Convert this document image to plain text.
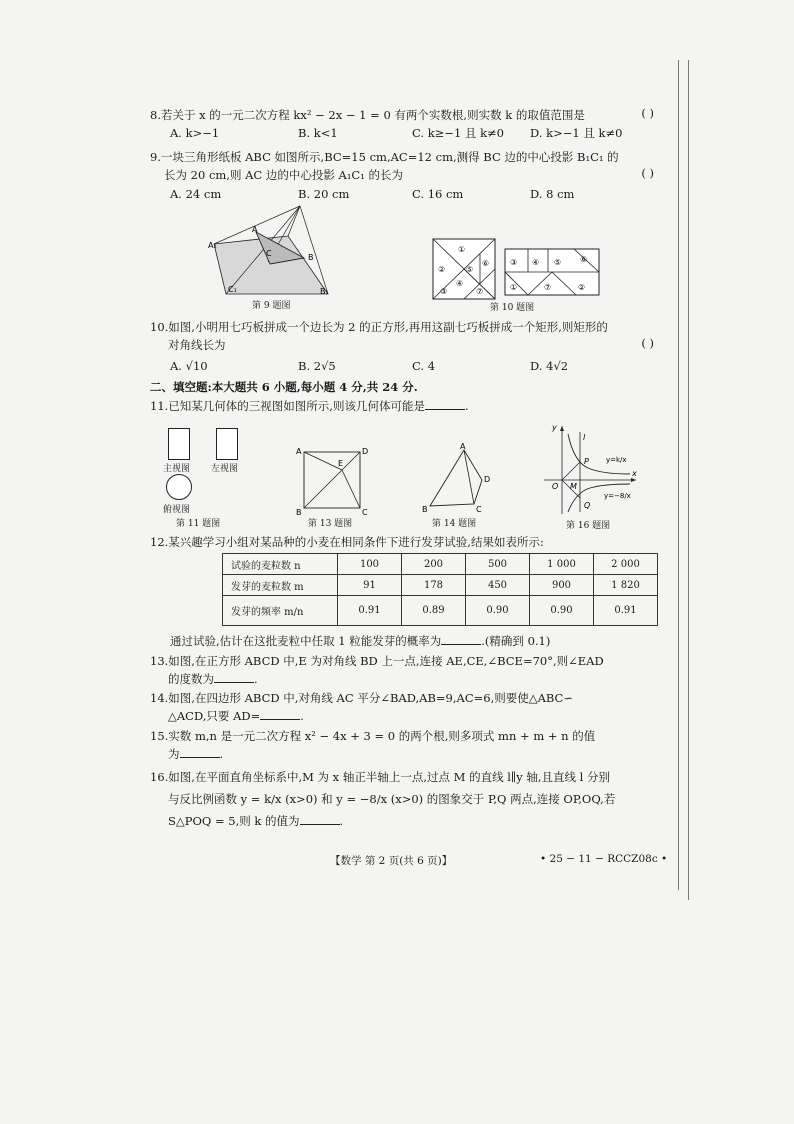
8.若关于 x 的一元二次方程 kx² − 2x − 1 = 0 有两个实数根,则实数 k 的取值范围是	( )
A. k>−1	B. k<1	C. k≥−1 且 k≠0 D. k>−1 且 k≠0
9.一块三角形纸板 ABC 如图所示,BC=15 cm,AC=12 cm,测得 BC 边的中心投影 B₁C₁ 的
长为 20 cm,则 AC 边的中心投影 A₁C₁ 的长为	( )
A. 24 cm	B. 20 cm	C. 16 cm	D. 8 cm
A
A₁
B
B₁
C
C₁
第 9 题图
①
②
③
④
⑤
⑥
⑦
③ ④ ⑤ ⑥
①	⑦	②
第 10 题图
10.如图,小明用七巧板拼成一个边长为 2 的正方形,再用这副七巧板拼成一个矩形,则矩形的
对角线长为	( )
A. √10	B. 2√5	C. 4	D. 4√2
二、填空题:本大题共 6 小题,每小题 4 分,共 24 分.
11.已知某几何体的三视图如图所示,则该几何体可能是	.
主视图 左视图
俯视图
第 11 题图
A
B	C
D
E
第 13 题图
A
B	C
D
第 14 题图
y
x
O M
P
Q
l
y=k/x
y=−8/x
第 16 题图
12.某兴趣学习小组对某品种的小麦在相同条件下进行发芽试验,结果如表所示:
试验的麦粒数 n	100	200	500	1 000	2 000
发芽的麦粒数 m	91	178	450	900	1 820
发芽的频率 m/n	0.91	0.89	0.90	0.90	0.91
通过试验,估计在这批麦粒中任取 1 粒能发芽的概率为	.(精确到 0.1)
13.如图,在正方形 ABCD 中,E 为对角线 BD 上一点,连接 AE,CE,∠BCE=70°,则∠EAD
的度数为	.
14.如图,在四边形 ABCD 中,对角线 AC 平分∠BAD,AB=9,AC=6,则要使△ABC∽
△ACD,只要 AD=	.
15.实数 m,n 是一元二次方程 x² − 4x + 3 = 0 的两个根,则多项式 mn + m + n 的值
为	.
16.如图,在平面直角坐标系中,M 为 x 轴正半轴上一点,过点 M 的直线 l∥y 轴,且直线 l 分别
与反比例函数 y = k/x (x>0) 和 y = −8/x (x>0) 的图象交于 P,Q 两点,连接 OP,OQ,若
S△POQ = 5,则 k 的值为	.
【数学 第 2 页(共 6 页)】	• 25 − 11 − RCCZ08c •
